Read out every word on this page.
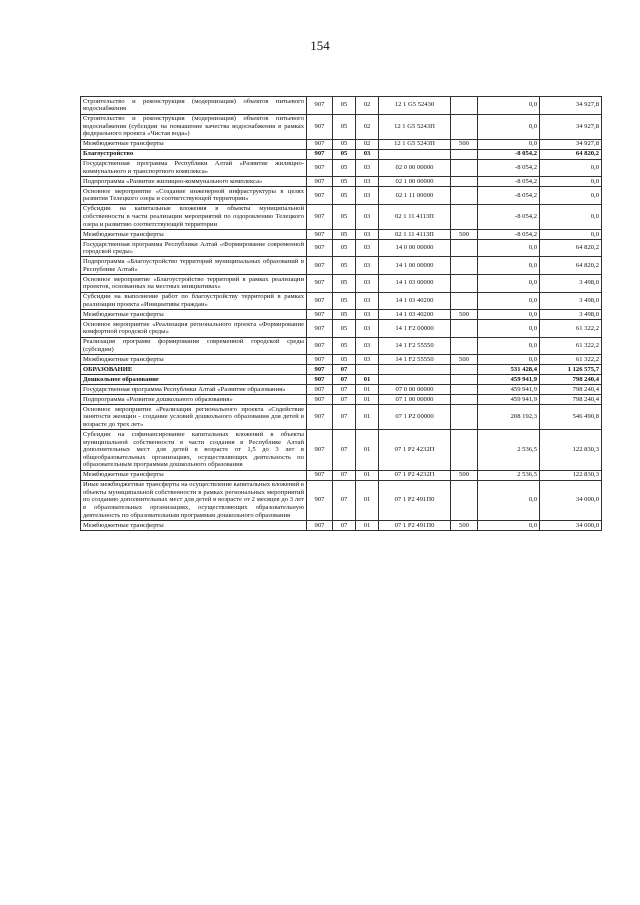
154
Строительство и реконструкция (модернизация) объектов питьевого водоснабжения	907	05	02	12 1 G5 52430		0,0	34 927,8
Строительство и реконструкция (модернизация) объектов питьевого водоснабжения (субсидии на повышение качества водоснабжения в рамках федерального проекта «Чистая вода»)	907	05	02	12 1 G5 5243П		0,0	34 927,8
Межбюджетные трансферты	907	05	02	12 1 G5 5243П	500	0,0	34 927,8
Благоустройство	907	05	03			-8 054,2	64 820,2
Государственная программа Республики Алтай «Развитие жилищно-коммунального и транспортного комплекса»	907	05	03	02 0 00 00000		-8 054,2	0,0
Подпрограмма «Развитие жилищно-коммунального комплекса»	907	05	03	02 1 00 00000		-8 054,2	0,0
Основное мероприятие «Создание инженерной инфраструктуры в целях развития Телецкого озера и соответствующей территории»	907	05	03	02 1 11 00000		-8 054,2	0,0
Субсидии на капитальные вложения в объекты муниципальной собственности в части реализации мероприятий по оздоровлению Телецкого озера и развитию соответствующей территории	907	05	03	02 1 11 4113П		-8 054,2	0,0
Межбюджетные трансферты	907	05	03	02 1 11 4113П	500	-8 054,2	0,0
Государственная программа Республики Алтай «Формирование современной городской среды»	907	05	03	14 0 00 00000		0,0	64 820,2
Подпрограмма «Благоустройство территорий муниципальных образований в Республике Алтай»	907	05	03	14 1 00 00000		0,0	64 820,2
Основное мероприятие «Благоустройство территорий в рамках реализации проектов, основанных на местных инициативах»	907	05	03	14 1 03 00000		0,0	3 498,0
Субсидии на выполнение работ по благоустройству территорий в рамках реализации проекта «Инициативы граждан»	907	05	03	14 1 03 40200		0,0	3 498,0
Межбюджетные трансферты	907	05	03	14 1 03 40200	500	0,0	3 498,0
Основное мероприятие «Реализация регионального проекта «Формирование комфортной городской среды»	907	05	03	14 1 F2 00000		0,0	61 322,2
Реализация программ формирования современной городской среды (субсидии)	907	05	03	14 1 F2 55550		0,0	61 322,2
Межбюджетные трансферты	907	05	03	14 1 F2 55550	500	0,0	61 322,2
ОБРАЗОВАНИЕ	907	07				531 428,4	1 126 575,7
Дошкольное образование	907	07	01			459 941,9	798 240,4
Государственная программа Республики Алтай «Развитие образования»	907	07	01	07 0 00 00000		459 941,9	798 240,4
Подпрограмма «Развитие дошкольного образования»	907	07	01	07 1 00 00000		459 941,9	798 240,4
Основное мероприятие «Реализация регионального проекта «Содействие занятости женщин - создание условий дошкольного образования для детей в возрасте до трех лет»	907	07	01	07 1 P2 00000		208 192,3	546 490,8
Субсидии на софинансирование капитальных вложений в объекты муниципальной собственности в части создания в Республике Алтай дополнительных мест для детей в возрасте от 1,5 до 3 лет в общеобразовательных организациях, осуществляющих деятельность по образовательным программам дошкольного образования	907	07	01	07 1 P2 4232П		2 536,5	122 830,3
Межбюджетные трансферты	907	07	01	07 1 P2 4232П	500	2 536,5	122 830,3
Иные межбюджетные трансферты на осуществление капитальных вложений в объекты муниципальной собственности в рамках региональных мероприятий по созданию дополнительных мест для детей в возрасте от 2 месяцев до 3 лет в образовательных организациях, осуществляющих образовательную деятельность по образовательным программам дошкольного образования	907	07	01	07 1 P2 491П0		0,0	34 000,0
Межбюджетные трансферты	907	07	01	07 1 P2 491П0	500	0,0	34 000,0
